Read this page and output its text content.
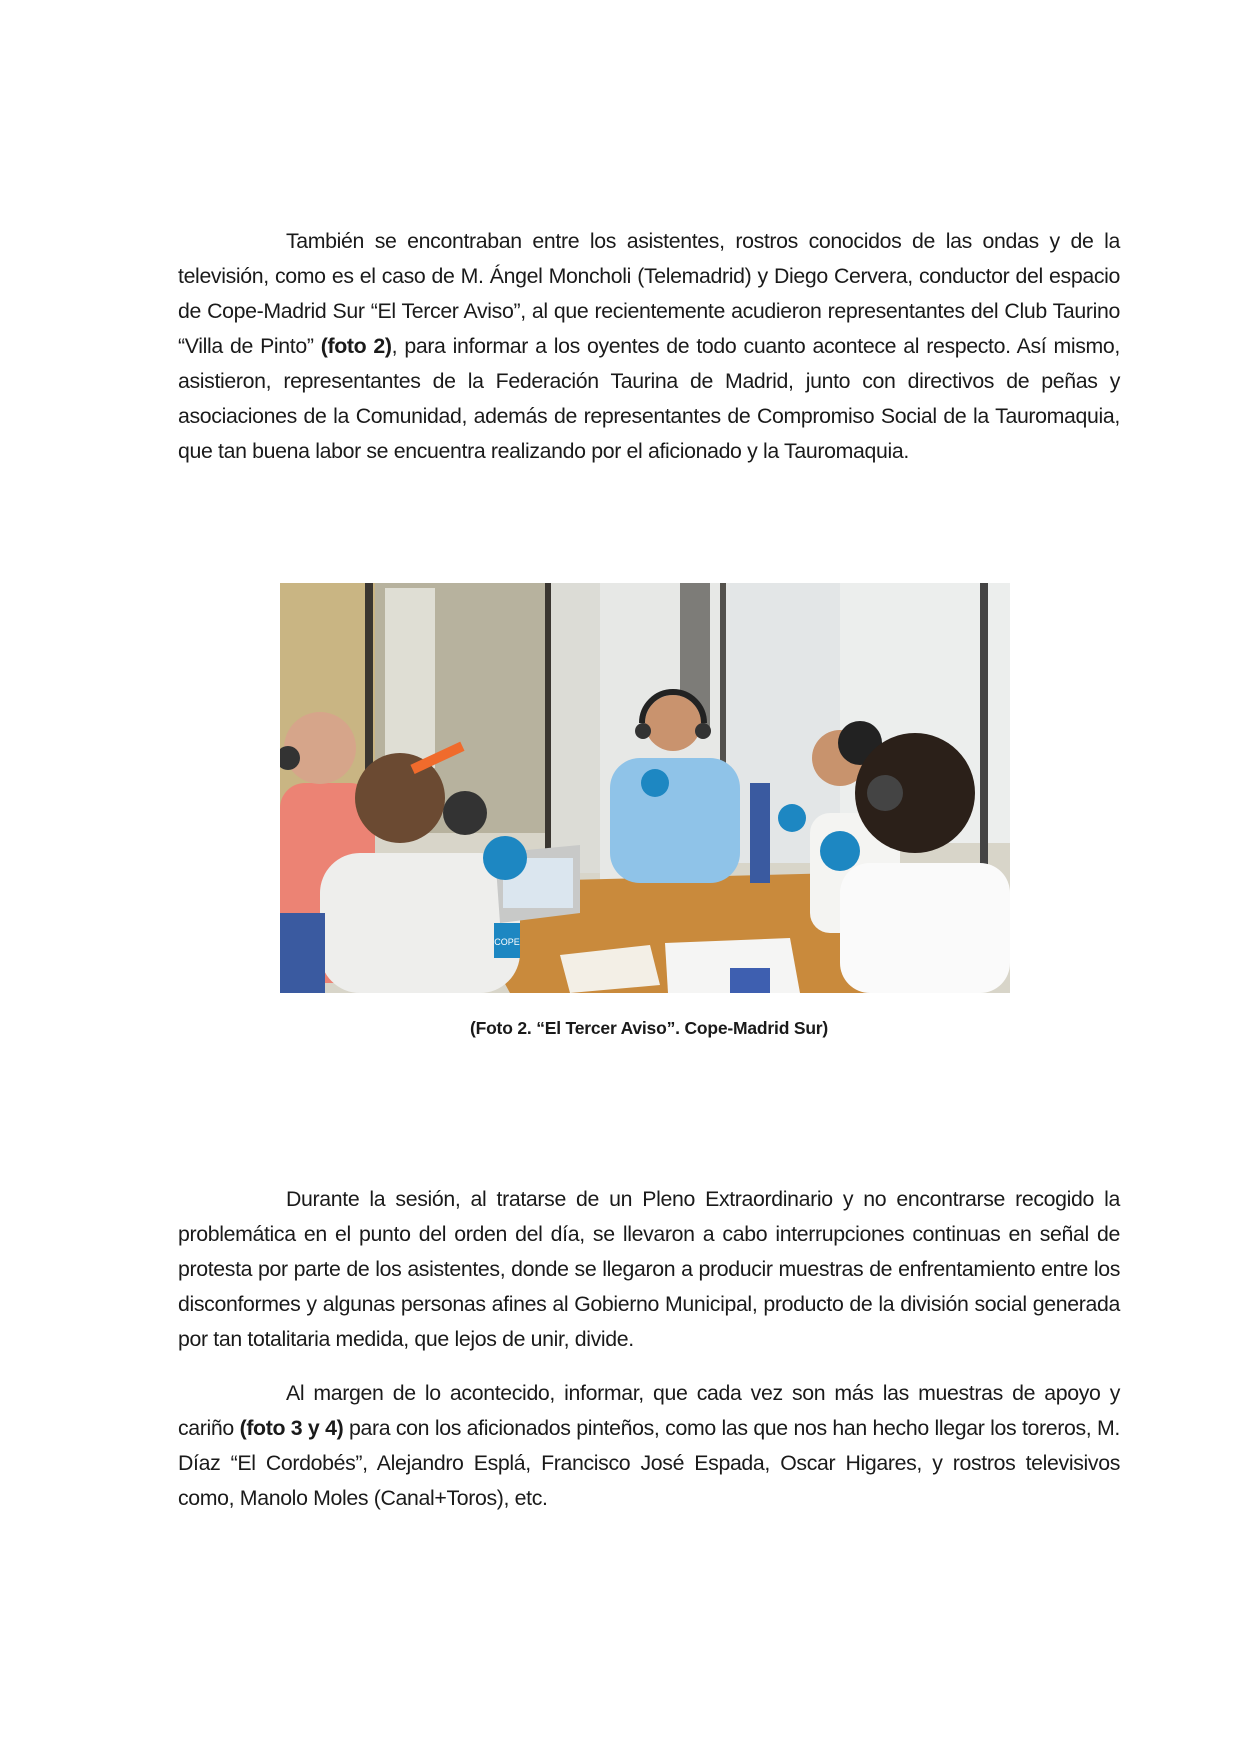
También se encontraban entre los asistentes, rostros conocidos de las ondas y de la televisión, como es el caso de M. Ángel Moncholi (Telemadrid) y Diego Cervera, conductor del espacio de Cope-Madrid Sur “El Tercer Aviso”, al que recientemente acudieron representantes del Club Taurino “Villa de Pinto” (foto 2), para informar a los oyentes de todo cuanto acontece al respecto. Así mismo, asistieron, representantes de la Federación Taurina de Madrid, junto con directivos de peñas y asociaciones de la Comunidad, además de representantes de Compromiso Social de la Tauromaquia, que tan buena labor se encuentra realizando por el aficionado y la Tauromaquia.

COPE
(Foto 2. “El Tercer Aviso”. Cope-Madrid Sur)

Durante la sesión, al tratarse de un Pleno Extraordinario y no encontrarse recogido la problemática en el punto del orden del día, se llevaron a cabo interrupciones continuas en señal de protesta por parte de los asistentes, donde se llegaron a producir muestras de enfrentamiento entre los disconformes y algunas personas afines al Gobierno Municipal, producto de la división social generada por tan totalitaria medida, que lejos de unir, divide.

Al margen de lo acontecido, informar, que cada vez son más las muestras de apoyo y cariño (foto 3 y 4) para con los aficionados pinteños, como las que nos han hecho llegar los toreros, M. Díaz “El Cordobés”, Alejandro Esplá, Francisco José Espada, Oscar Higares, y rostros televisivos como, Manolo Moles (Canal+Toros), etc.
